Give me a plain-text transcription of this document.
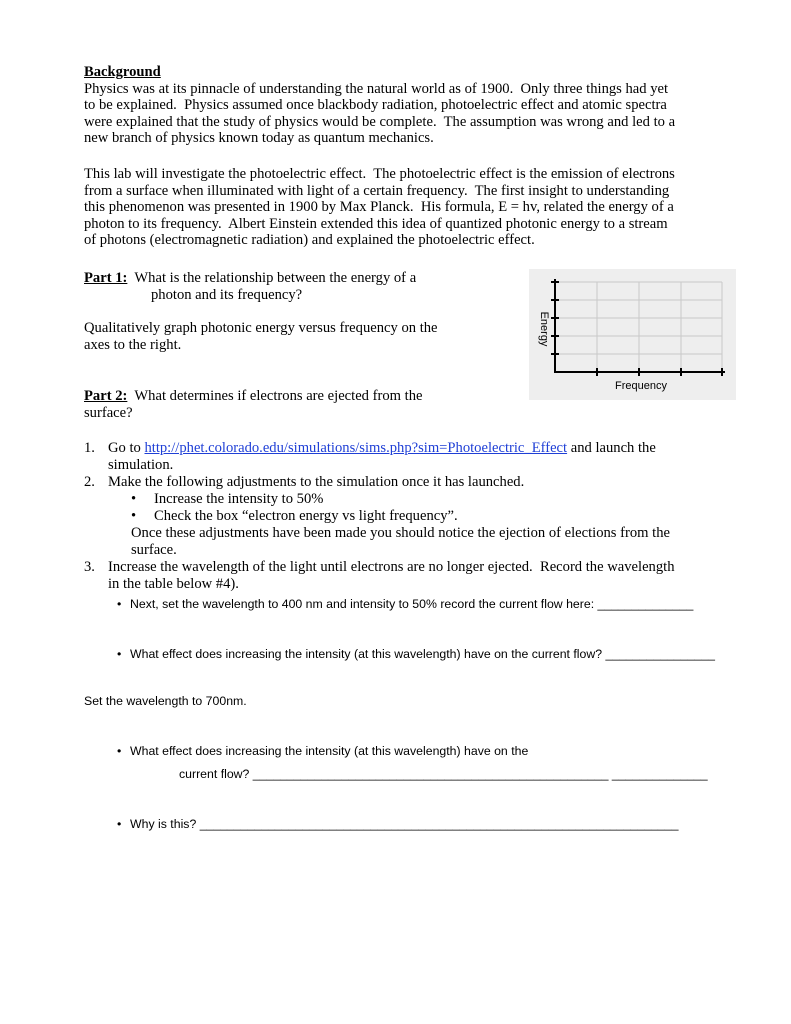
Background

Physics was at its pinnacle of understanding the natural world as of 1900.  Only three things had yet

to be explained.  Physics assumed once blackbody radiation, photoelectric effect and atomic spectra

were explained that the study of physics would be complete.  The assumption was wrong and led to a

new branch of physics known today as quantum mechanics.

This lab will investigate the photoelectric effect.  The photoelectric effect is the emission of electrons

from a surface when illuminated with light of a certain frequency.  The first insight to understanding

this phenomenon was presented in 1900 by Max Planck.  His formula, E = hv, related the energy of a

photon to its frequency.  Albert Einstein extended this idea of quantized photonic energy to a stream

of photons (electromagnetic radiation) and explained the photoelectric effect.

Part 1:  What is the relationship between the energy of a

photon and its frequency?

Qualitatively graph photonic energy versus frequency on the

axes to the right.	Energy
Frequency

Part 2:  What determines if electrons are ejected from the

surface?

1. Go to http://phet.colorado.edu/simulations/sims.php?sim=Photoelectric_Effect and launch the
simulation.
2. Make the following adjustments to the simulation once it has launched.
• Increase the intensity to 50%
• Check the box “electron energy vs light frequency”.

Once these adjustments have been made you should notice the ejection of elections from the

surface.

3. Increase the wavelength of the light until electrons are no longer ejected.  Record the wavelength
in the table below #4).
• Next, set the wavelength to 400 nm and intensity to 50% record the current flow here: ______________
• What effect does increasing the intensity (at this wavelength) have on the current flow? ________________
Set the wavelength to 700nm.
• What effect does increasing the intensity (at this wavelength) have on the
current flow? ____________________________________________________ ______________
• Why is this? ______________________________________________________________________
